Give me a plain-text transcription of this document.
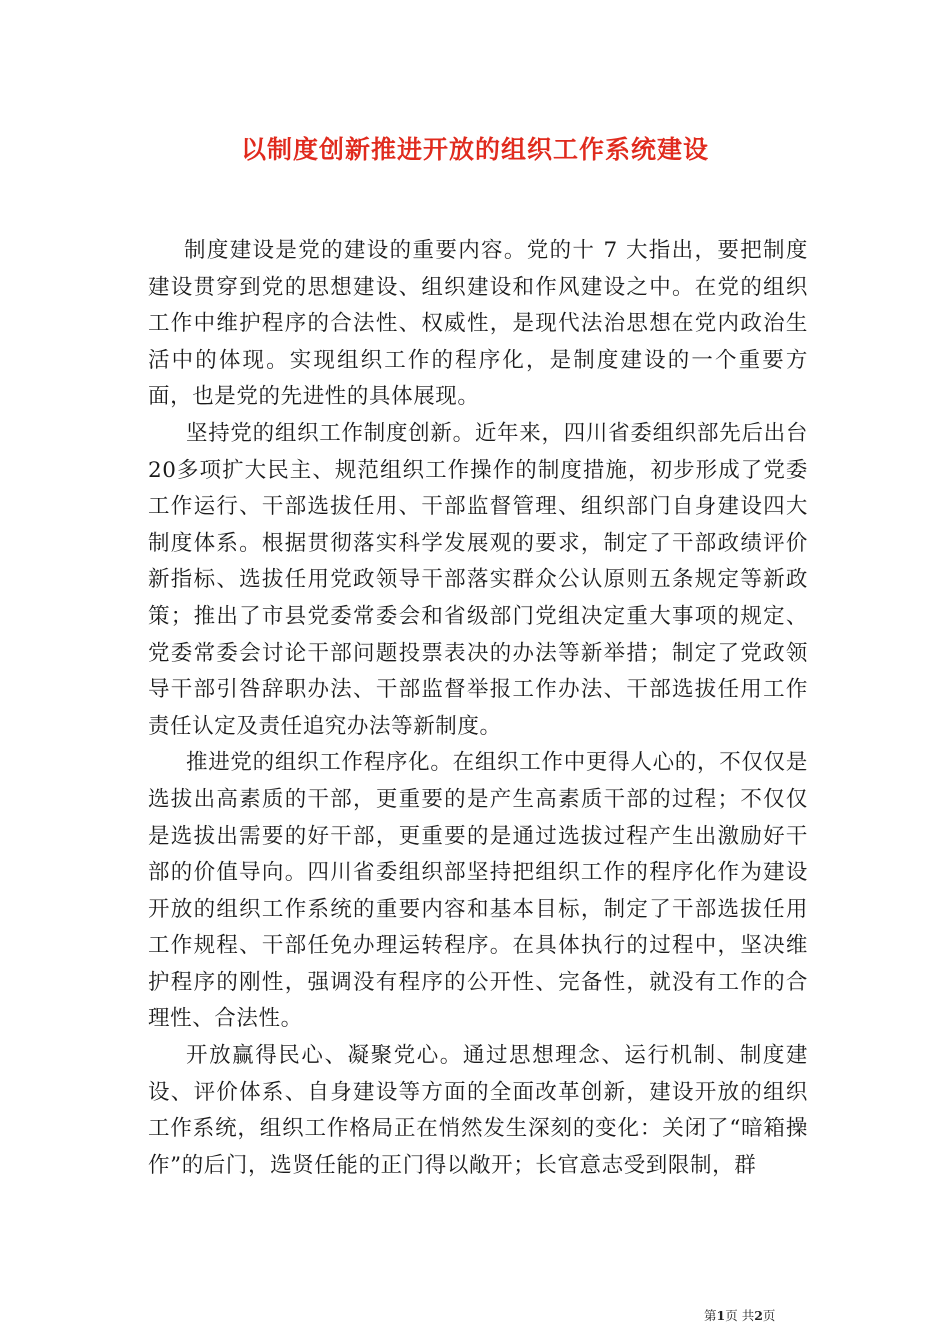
以制度创新推进开放的组织工作系统建设

制度建设是党的建设的重要内容。党的十 7 大指出，要把制度建设贯穿到党的思想建设、组织建设和作风建设之中。在党的组织工作中维护程序的合法性、权威性，是现代法治思想在党内政治生活中的体现。实现组织工作的程序化，是制度建设的一个重要方面，也是党的先进性的具体展现。

坚持党的组织工作制度创新。近年来，四川省委组织部先后出台20多项扩大民主、规范组织工作操作的制度措施，初步形成了党委工作运行、干部选拔任用、干部监督管理、组织部门自身建设四大制度体系。根据贯彻落实科学发展观的要求，制定了干部政绩评价新指标、选拔任用党政领导干部落实群众公认原则五条规定等新政策；推出了市县党委常委会和省级部门党组决定重大事项的规定、党委常委会讨论干部问题投票表决的办法等新举措；制定了党政领导干部引咎辞职办法、干部监督举报工作办法、干部选拔任用工作责任认定及责任追究办法等新制度。

推进党的组织工作程序化。在组织工作中更得人心的，不仅仅是选拔出高素质的干部，更重要的是产生高素质干部的过程；不仅仅是选拔出需要的好干部，更重要的是通过选拔过程产生出激励好干部的价值导向。四川省委组织部坚持把组织工作的程序化作为建设开放的组织工作系统的重要内容和基本目标，制定了干部选拔任用工作规程、干部任免办理运转程序。在具体执行的过程中，坚决维护程序的刚性，强调没有程序的公开性、完备性，就没有工作的合理性、合法性。

开放赢得民心、凝聚党心。通过思想理念、运行机制、制度建设、评价体系、自身建设等方面的全面改革创新，建设开放的组织工作系统，组织工作格局正在悄然发生深刻的变化：关闭了“暗箱操作”的后门，选贤任能的正门得以敞开；长官意志受到限制，群

第1页 共2页
